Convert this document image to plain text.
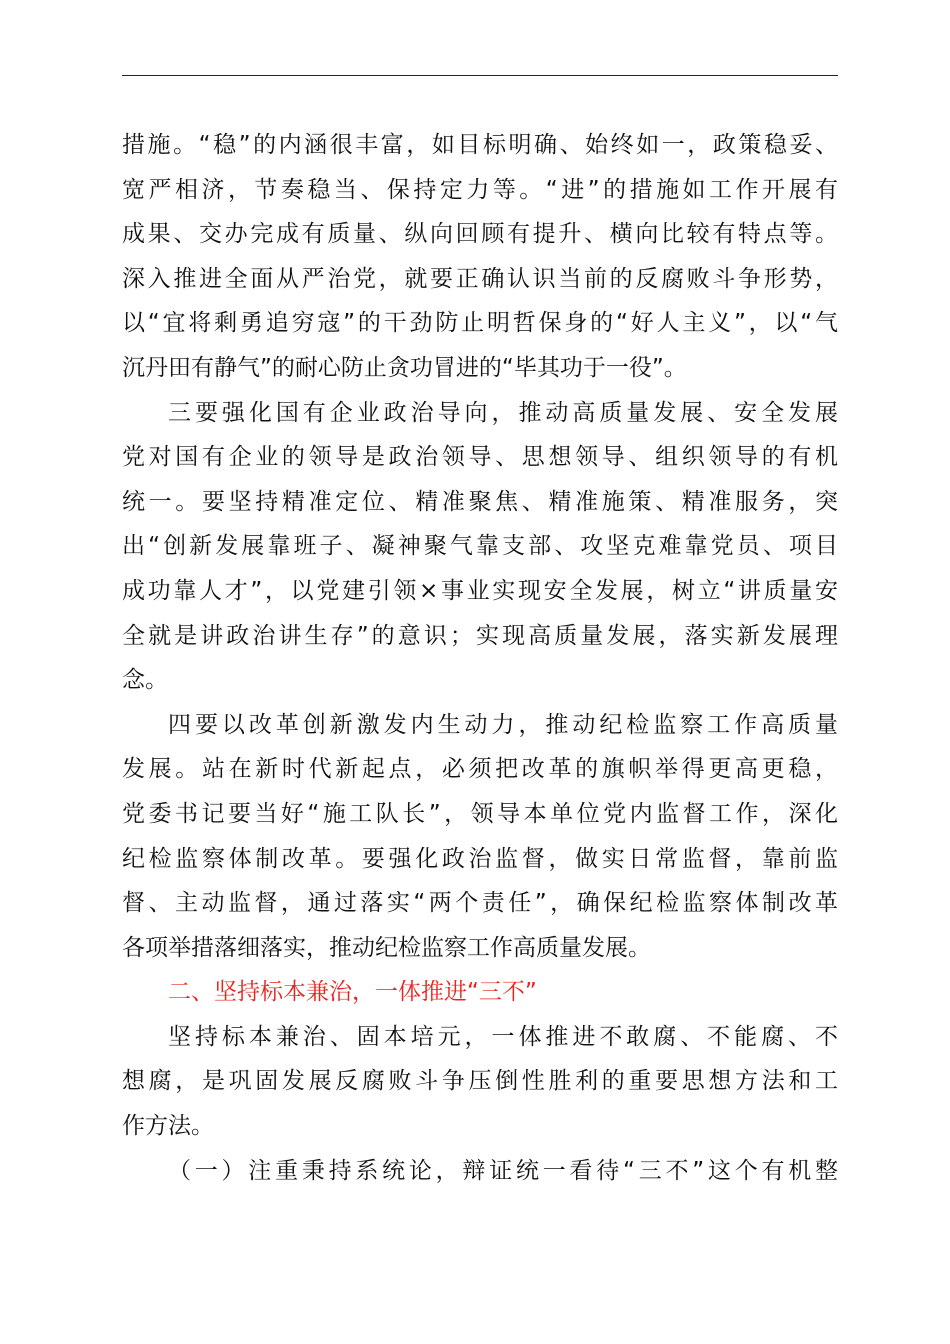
措施。“稳”的内涵很丰富，如目标明确、始终如一，政策稳妥、
宽严相济，节奏稳当、保持定力等。“进”的措施如工作开展有
成果、交办完成有质量、纵向回顾有提升、横向比较有特点等。
深入推进全面从严治党，就要正确认识当前的反腐败斗争形势，
以“宜将剩勇追穷寇”的干劲防止明哲保身的“好人主义”，以“气
沉丹田有静气”的耐心防止贪功冒进的“毕其功于一役”。
三要强化国有企业政治导向，推动高质量发展、安全发展
党对国有企业的领导是政治领导、思想领导、组织领导的有机
统一。要坚持精准定位、精准聚焦、精准施策、精准服务，突
出“创新发展靠班子、凝神聚气靠支部、攻坚克难靠党员、项目
成功靠人才”，以党建引领×事业实现安全发展，树立“讲质量安
全就是讲政治讲生存”的意识；实现高质量发展，落实新发展理
念。
四要以改革创新激发内生动力，推动纪检监察工作高质量
发展。站在新时代新起点，必须把改革的旗帜举得更高更稳，
党委书记要当好“施工队长”，领导本单位党内监督工作，深化
纪检监察体制改革。要强化政治监督，做实日常监督，靠前监
督、主动监督，通过落实“两个责任”，确保纪检监察体制改革
各项举措落细落实，推动纪检监察工作高质量发展。
二、坚持标本兼治，一体推进“三不”
坚持标本兼治、固本培元，一体推进不敢腐、不能腐、不
想腐，是巩固发展反腐败斗争压倒性胜利的重要思想方法和工
作方法。
（一）注重秉持系统论，辩证统一看待“三不”这个有机整
